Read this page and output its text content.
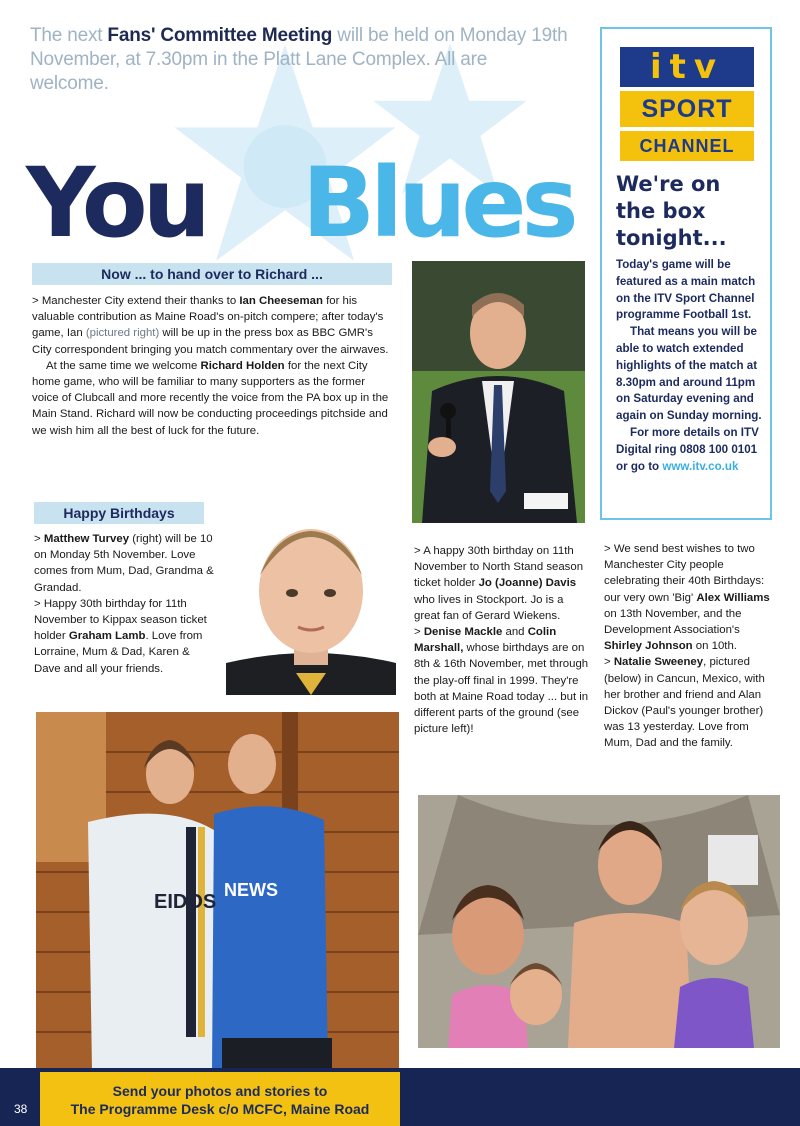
The next Fans' Committee Meeting will be held on Monday 19th November, at 7.30pm in the Platt Lane Complex. All are welcome.
You Blues
Now ... to hand over to Richard ...
> Manchester City extend their thanks to Ian Cheeseman for his valuable contribution as Maine Road's on-pitch compere; after today's game, Ian (pictured right) will be up in the press box as BBC GMR's City correspondent bringing you match commentary over the airwaves.
At the same time we welcome Richard Holden for the next City home game, who will be familiar to many supporters as the former voice of Clubcall and more recently the voice from the PA box up in the Main Stand. Richard will now be conducting proceedings pitchside and we wish him all the best of luck for the future.
Happy Birthdays
> Matthew Turvey (right) will be 10 on Monday 5th November. Love comes from Mum, Dad, Grandma & Grandad.
> Happy 30th birthday for 11th November to Kippax season ticket holder Graham Lamb. Love from Lorraine, Mum & Dad, Karen & Dave and all your friends.
> A happy 30th birthday on 11th November to North Stand season ticket holder Jo (Joanne) Davis who lives in Stockport. Jo is a great fan of Gerard Wiekens.
> Denise Mackle and Colin Marshall, whose birthdays are on 8th & 16th November, met through the play-off final in 1999. They're both at Maine Road today ... but in different parts of the ground (see picture left)!
> We send best wishes to two Manchester City people celebrating their 40th Birthdays: our very own 'Big' Alex Williams on 13th November, and the Development Association's Shirley Johnson on 10th.
> Natalie Sweeney, pictured (below) in Cancun, Mexico, with her brother and friend and Alan Dickov (Paul's younger brother) was 13 yesterday. Love from Mum, Dad and the family.
itv
SPORT
CHANNEL
We're on the box tonight...
Today's game will be featured as a main match on the ITV Sport Channel programme Football 1st.
That means you will be able to watch extended highlights of the match at 8.30pm and around 11pm on Saturday evening and again on Sunday morning.
For more details on ITV Digital ring 0808 100 0101 or go to www.itv.co.uk
EIDOS
NEWS
Send your photos and stories to
The Programme Desk c/o MCFC, Maine Road
38
